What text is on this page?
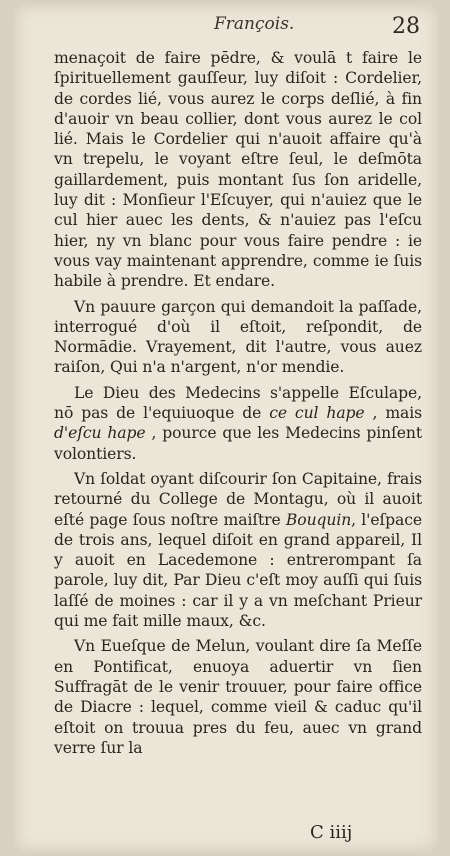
François.	28

menaçoit de faire pēdre, & voulā t faire le ſpirituellement gauſſeur, luy diſoit : Cordelier, de cordes lié, vous aurez le corps deſlié, à fin d'auoir vn beau collier, dont vous aurez le col lié. Mais le Cordelier qui n'auoit affaire qu'à vn trepelu, le voyant eſtre ſeul, le deſmōta gaillardement, puis montant ſus ſon aridelle, luy dit : Monſieur l'Eſcuyer, qui n'auiez que le cul hier auec les dents, & n'auiez pas l'eſcu hier, ny vn blanc pour vous faire pendre : ie vous vay maintenant apprendre, comme ie ſuis habile à prendre. Et endare.

Vn pauure garçon qui demandoit la paſſade, interrogué d'où il eſtoit, reſpondit, de Normādie. Vrayement, dit l'autre, vous auez raiſon, Qui n'a n'argent, n'or mendie.

Le Dieu des Medecins s'appelle Eſculape, nō pas de l'equiuoque de ce cul hape , mais d'eſcu hape , pource que les Medecins pinſent volontiers.

Vn ſoldat oyant diſcourir ſon Capitaine, frais retourné du College de Montagu, où il auoit eſté page ſous noſtre maiſtre Bouquin, l'eſpace de trois ans, lequel diſoit en grand appareil, Il y auoit en Lacedemone : entrerompant ſa parole, luy dit, Par Dieu c'eſt moy auſſi qui ſuis laſſé de moines : car il y a vn meſchant Prieur qui me fait mille maux, &c.

Vn Eueſque de Melun, voulant dire ſa Meſſe en Pontificat, enuoya aduertir vn ſien Suffragāt de le venir trouuer, pour faire office de Diacre : lequel, comme vieil & caduc qu'il eſtoit on trouua pres du feu, auec vn grand verre ſur la

C iiij
